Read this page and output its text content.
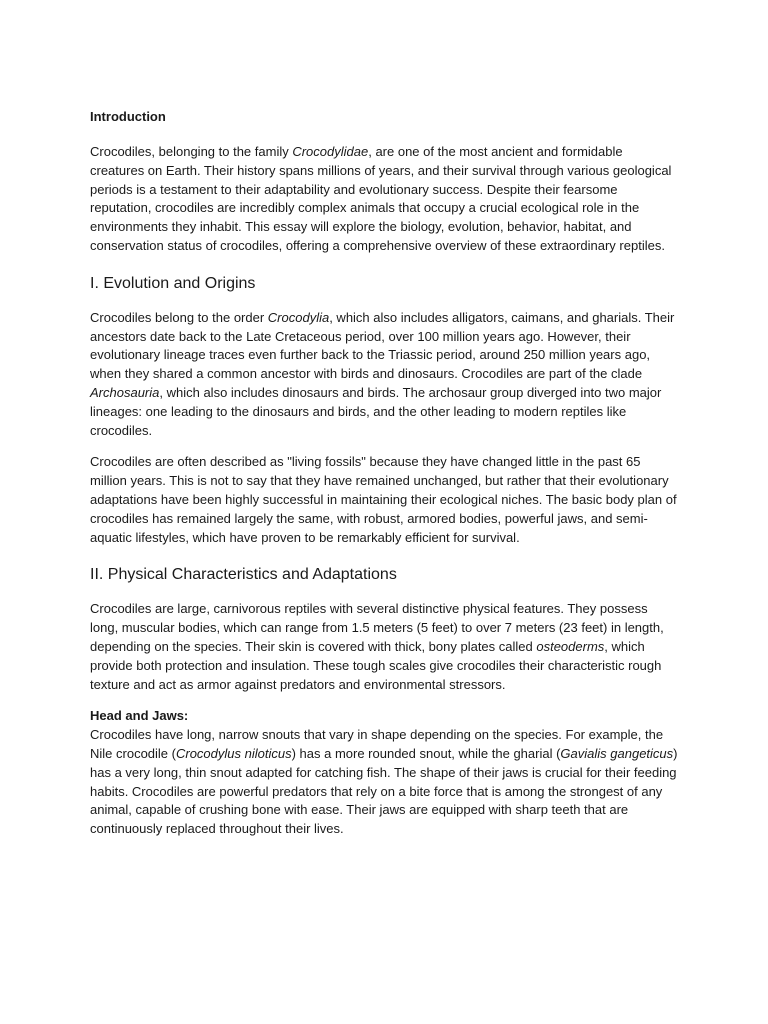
Introduction

Crocodiles, belonging to the family Crocodylidae, are one of the most ancient and formidable creatures on Earth. Their history spans millions of years, and their survival through various geological periods is a testament to their adaptability and evolutionary success. Despite their fearsome reputation, crocodiles are incredibly complex animals that occupy a crucial ecological role in the environments they inhabit. This essay will explore the biology, evolution, behavior, habitat, and conservation status of crocodiles, offering a comprehensive overview of these extraordinary reptiles.

I. Evolution and Origins

Crocodiles belong to the order Crocodylia, which also includes alligators, caimans, and gharials. Their ancestors date back to the Late Cretaceous period, over 100 million years ago. However, their evolutionary lineage traces even further back to the Triassic period, around 250 million years ago, when they shared a common ancestor with birds and dinosaurs. Crocodiles are part of the clade Archosauria, which also includes dinosaurs and birds. The archosaur group diverged into two major lineages: one leading to the dinosaurs and birds, and the other leading to modern reptiles like crocodiles.

Crocodiles are often described as "living fossils" because they have changed little in the past 65 million years. This is not to say that they have remained unchanged, but rather that their evolutionary adaptations have been highly successful in maintaining their ecological niches. The basic body plan of crocodiles has remained largely the same, with robust, armored bodies, powerful jaws, and semi-aquatic lifestyles, which have proven to be remarkably efficient for survival.

II. Physical Characteristics and Adaptations

Crocodiles are large, carnivorous reptiles with several distinctive physical features. They possess long, muscular bodies, which can range from 1.5 meters (5 feet) to over 7 meters (23 feet) in length, depending on the species. Their skin is covered with thick, bony plates called osteoderms, which provide both protection and insulation. These tough scales give crocodiles their characteristic rough texture and act as armor against predators and environmental stressors.

Head and Jaws:

Crocodiles have long, narrow snouts that vary in shape depending on the species. For example, the Nile crocodile (Crocodylus niloticus) has a more rounded snout, while the gharial (Gavialis gangeticus) has a very long, thin snout adapted for catching fish. The shape of their jaws is crucial for their feeding habits. Crocodiles are powerful predators that rely on a bite force that is among the strongest of any animal, capable of crushing bone with ease. Their jaws are equipped with sharp teeth that are continuously replaced throughout their lives.
